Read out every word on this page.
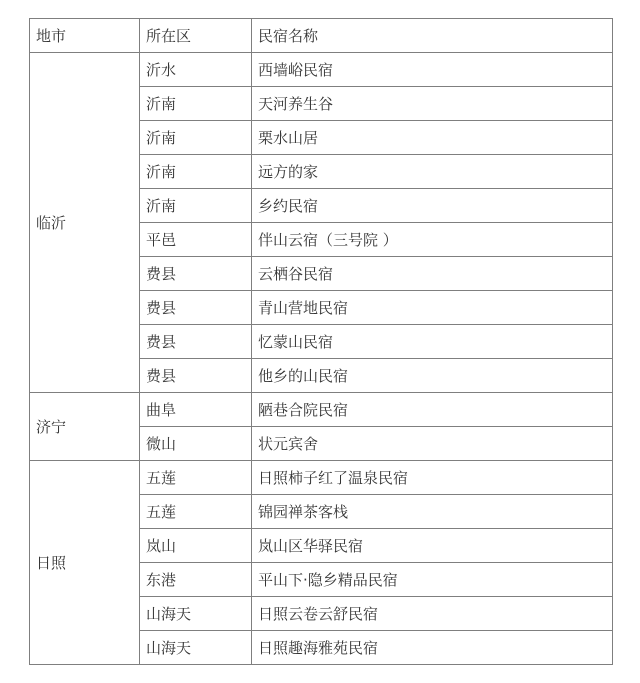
地市	所在区	民宿名称
临沂	沂水	西墙峪民宿
	沂南	天河养生谷
	沂南	栗水山居
	沂南	远方的家
	沂南	乡约民宿
	平邑	伴山云宿（三号院 ）
	费县	云栖谷民宿
	费县	青山营地民宿
	费县	忆蒙山民宿
	费县	他乡的山民宿
济宁	曲阜	陋巷合院民宿
	微山	状元宾舍
日照	五莲	日照柿子红了温泉民宿
	五莲	锦园禅茶客栈
	岚山	岚山区华驿民宿
	东港	平山下·隐乡精品民宿
	山海天	日照云卷云舒民宿
	山海天	日照趣海雅苑民宿
